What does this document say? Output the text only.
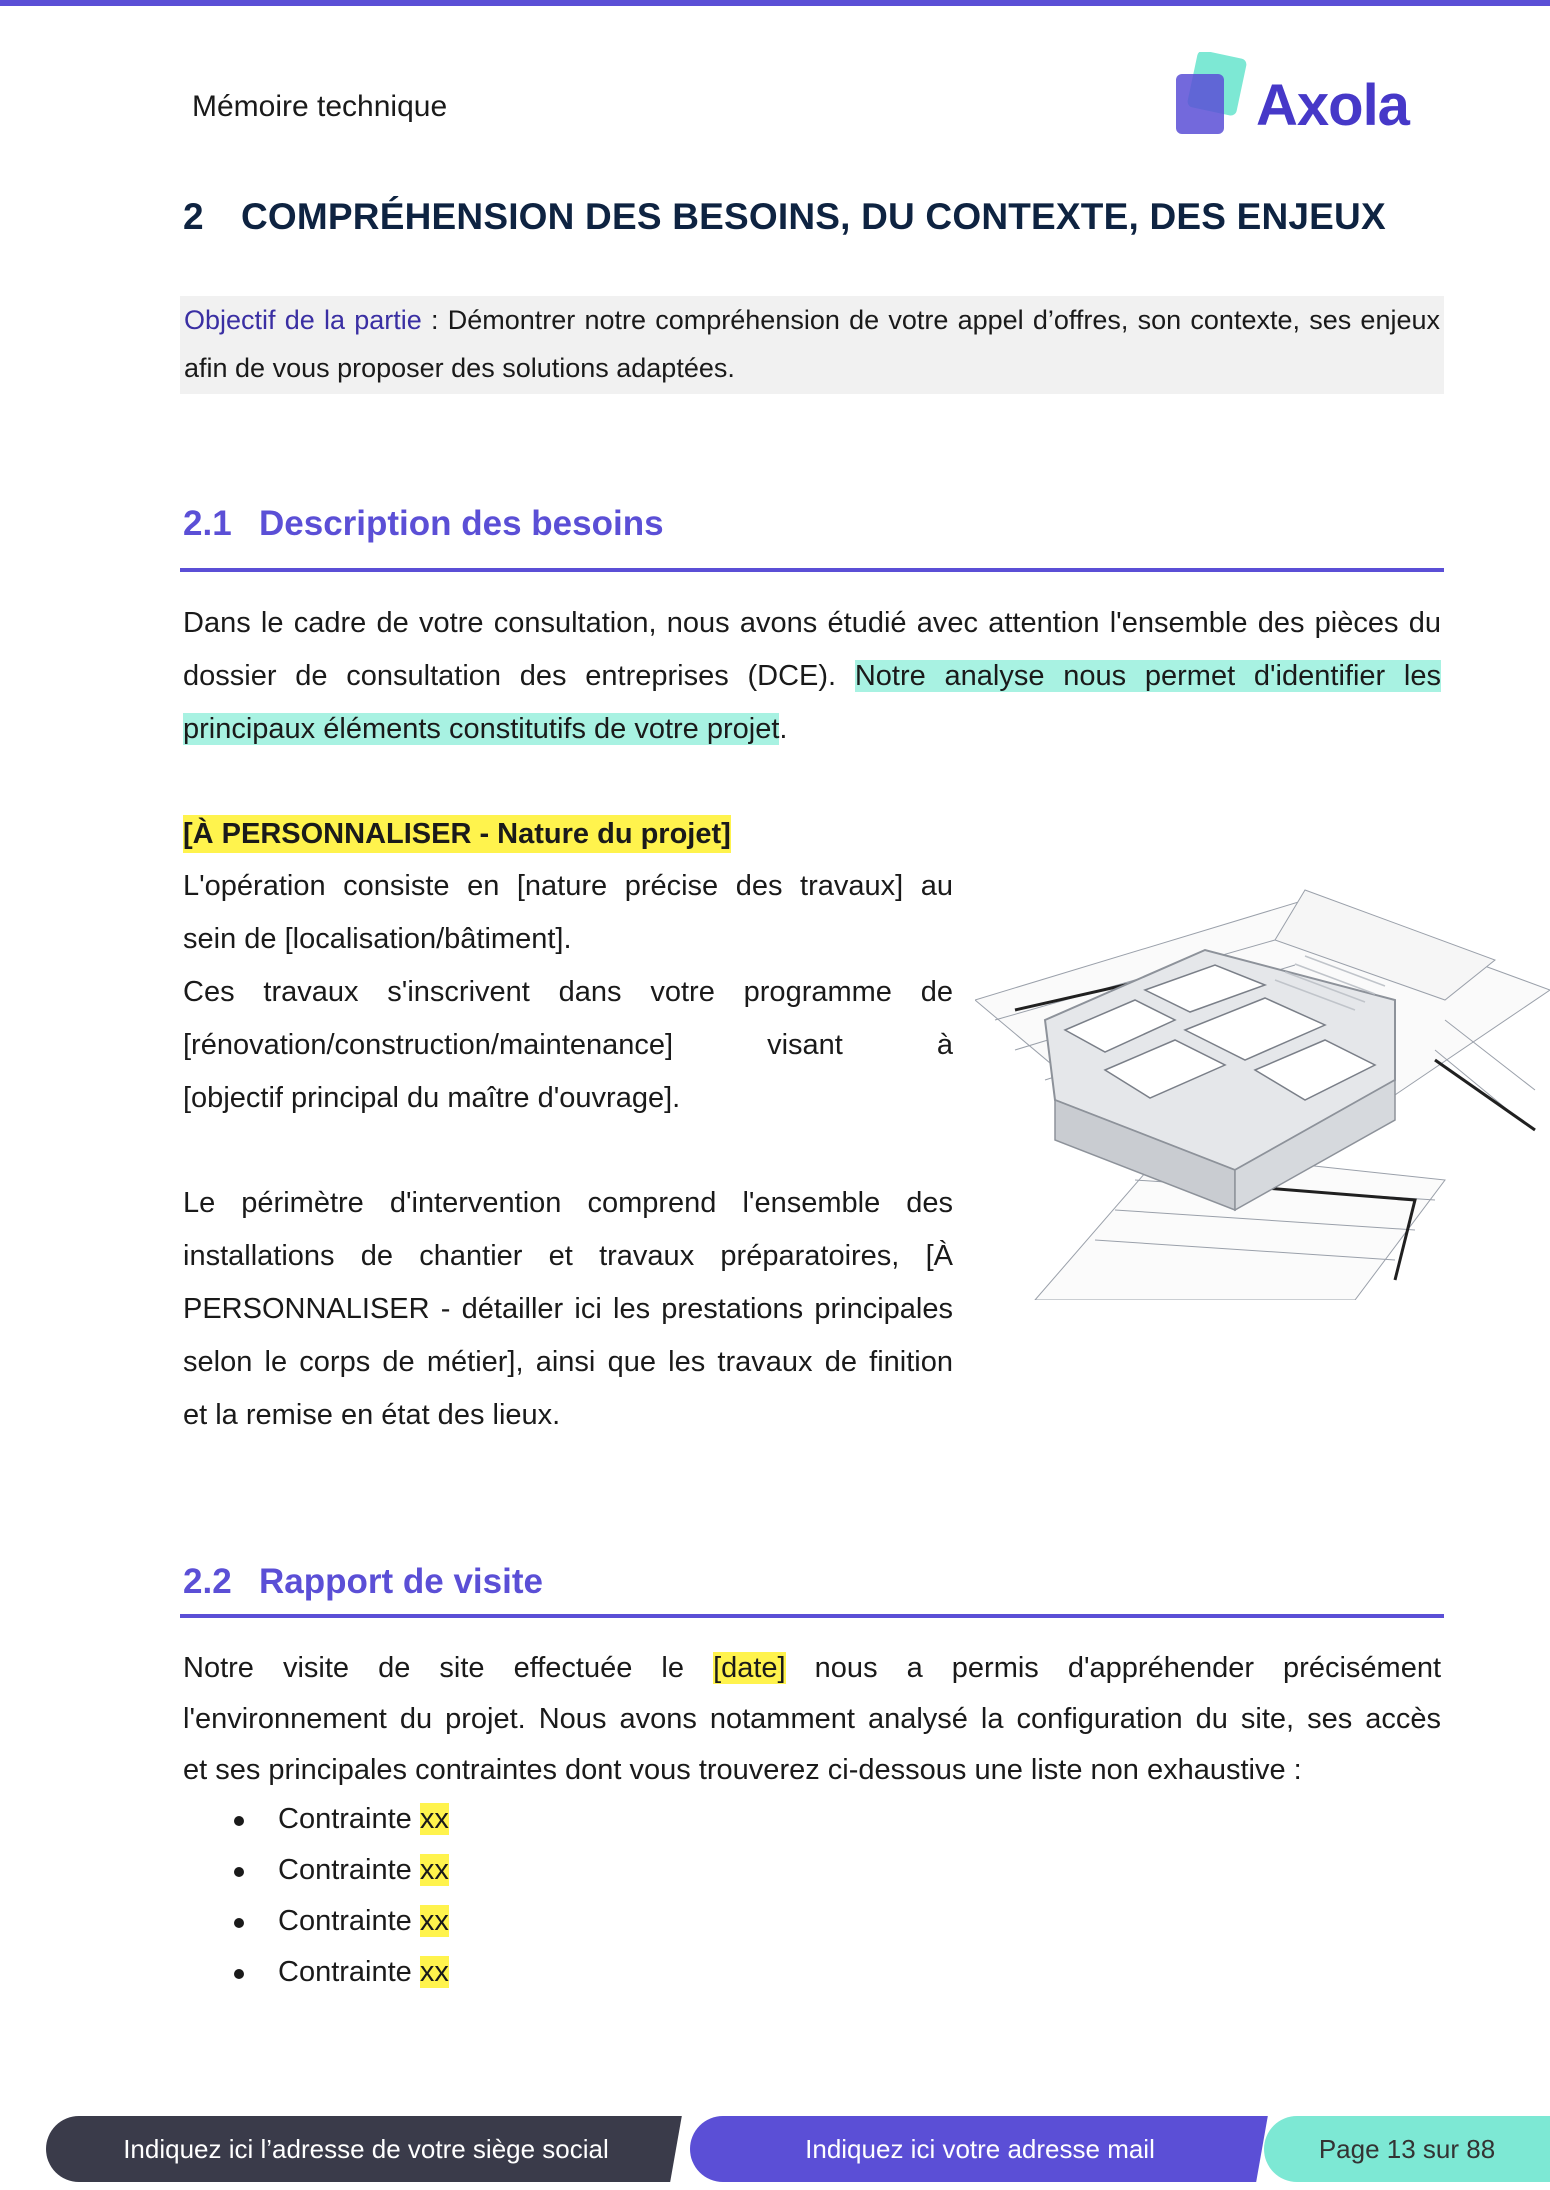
Mémoire technique	Axola
2 COMPRÉHENSION DES BESOINS, DU CONTEXTE, DES ENJEUX
Objectif de la partie : Démontrer notre compréhension de votre appel d’offres, son contexte, ses enjeux afin de vous proposer des solutions adaptées.
2.1 Description des besoins
Dans le cadre de votre consultation, nous avons étudié avec attention l'ensemble des pièces du dossier de consultation des entreprises (DCE). Notre analyse nous permet d'identifier les principaux éléments constitutifs de votre projet.
[À PERSONNALISER - Nature du projet]
L'opération consiste en [nature précise des travaux] au
sein de [localisation/bâtiment].
Ces travaux s'inscrivent dans votre programme de
[rénovation/construction/maintenance] visant à
[objectif principal du maître d'ouvrage].
Le périmètre d'intervention comprend l'ensemble des
installations de chantier et travaux préparatoires, [À
PERSONNALISER - détailler ici les prestations principales
selon le corps de métier], ainsi que les travaux de finition
et la remise en état des lieux.
2.2 Rapport de visite
Notre visite de site effectuée le [date] nous a permis d'appréhender précisément
l'environnement du projet. Nous avons notamment analysé la configuration du site, ses accès
et ses principales contraintes dont vous trouverez ci-dessous une liste non exhaustive :
Contrainte xx
Contrainte xx
Contrainte xx
Contrainte xx
Indiquez ici l’adresse de votre siège social	Indiquez ici votre adresse mail	Page 13 sur 88
